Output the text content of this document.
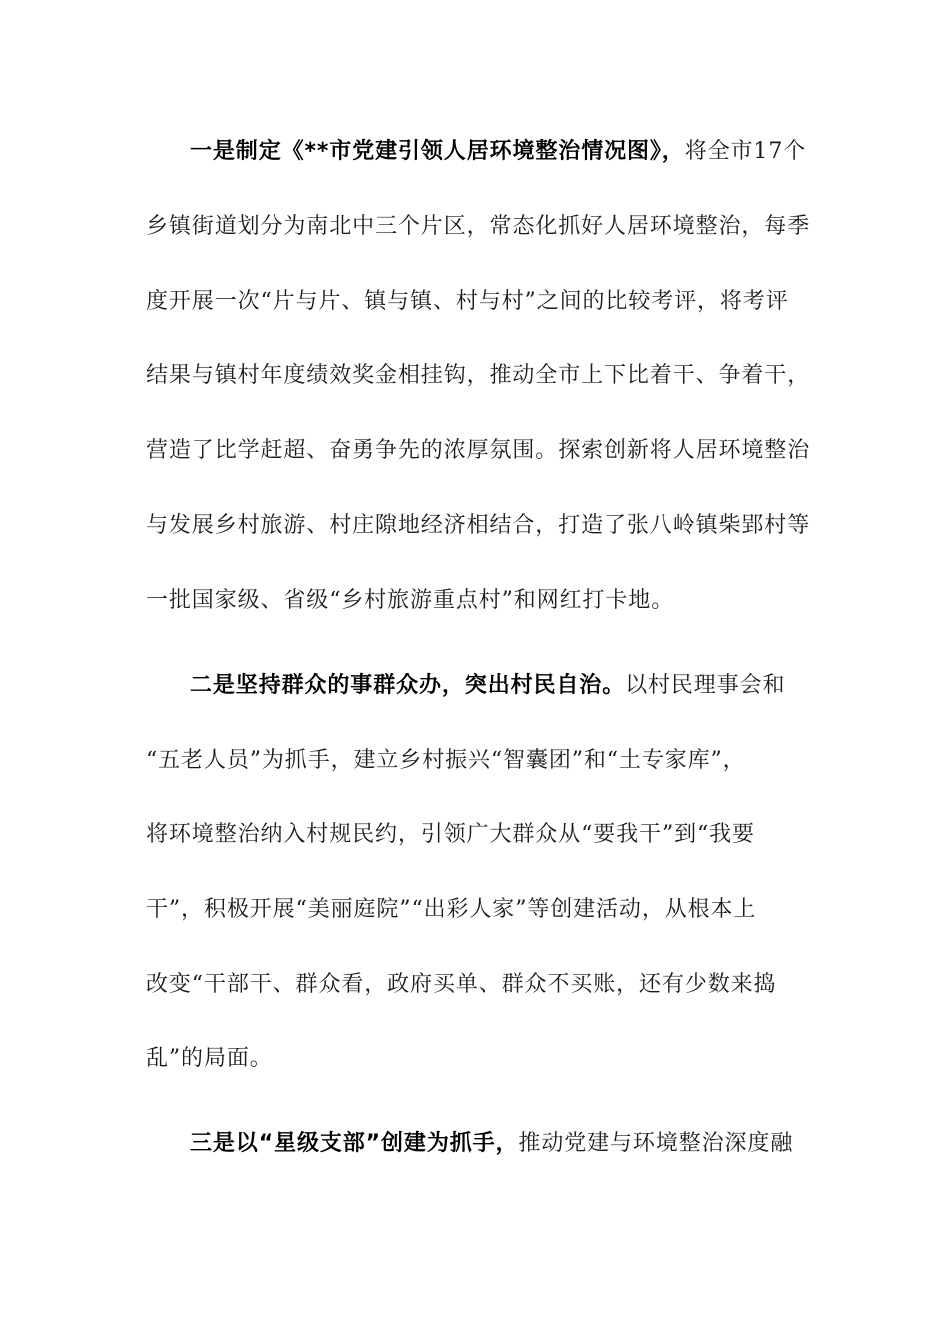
一是制定《**市党建引领人居环境整治情况图》，将全市17个
乡镇街道划分为南北中三个片区，常态化抓好人居环境整治，每季
度开展一次“片与片、镇与镇、村与村”之间的比较考评，将考评
结果与镇村年度绩效奖金相挂钩，推动全市上下比着干、争着干，
营造了比学赶超、奋勇争先的浓厚氛围。探索创新将人居环境整治
与发展乡村旅游、村庄隙地经济相结合，打造了张八岭镇柴郢村等
一批国家级、省级“乡村旅游重点村”和网红打卡地。
二是坚持群众的事群众办，突出村民自治。以村民理事会和
“五老人员”为抓手，建立乡村振兴“智囊团”和“土专家库”，
将环境整治纳入村规民约，引领广大群众从“要我干”到“我要
干”，积极开展“美丽庭院”“出彩人家”等创建活动，从根本上
改变“干部干、群众看，政府买单、群众不买账，还有少数来捣
乱”的局面。
三是以“星级支部”创建为抓手，推动党建与环境整治深度融
